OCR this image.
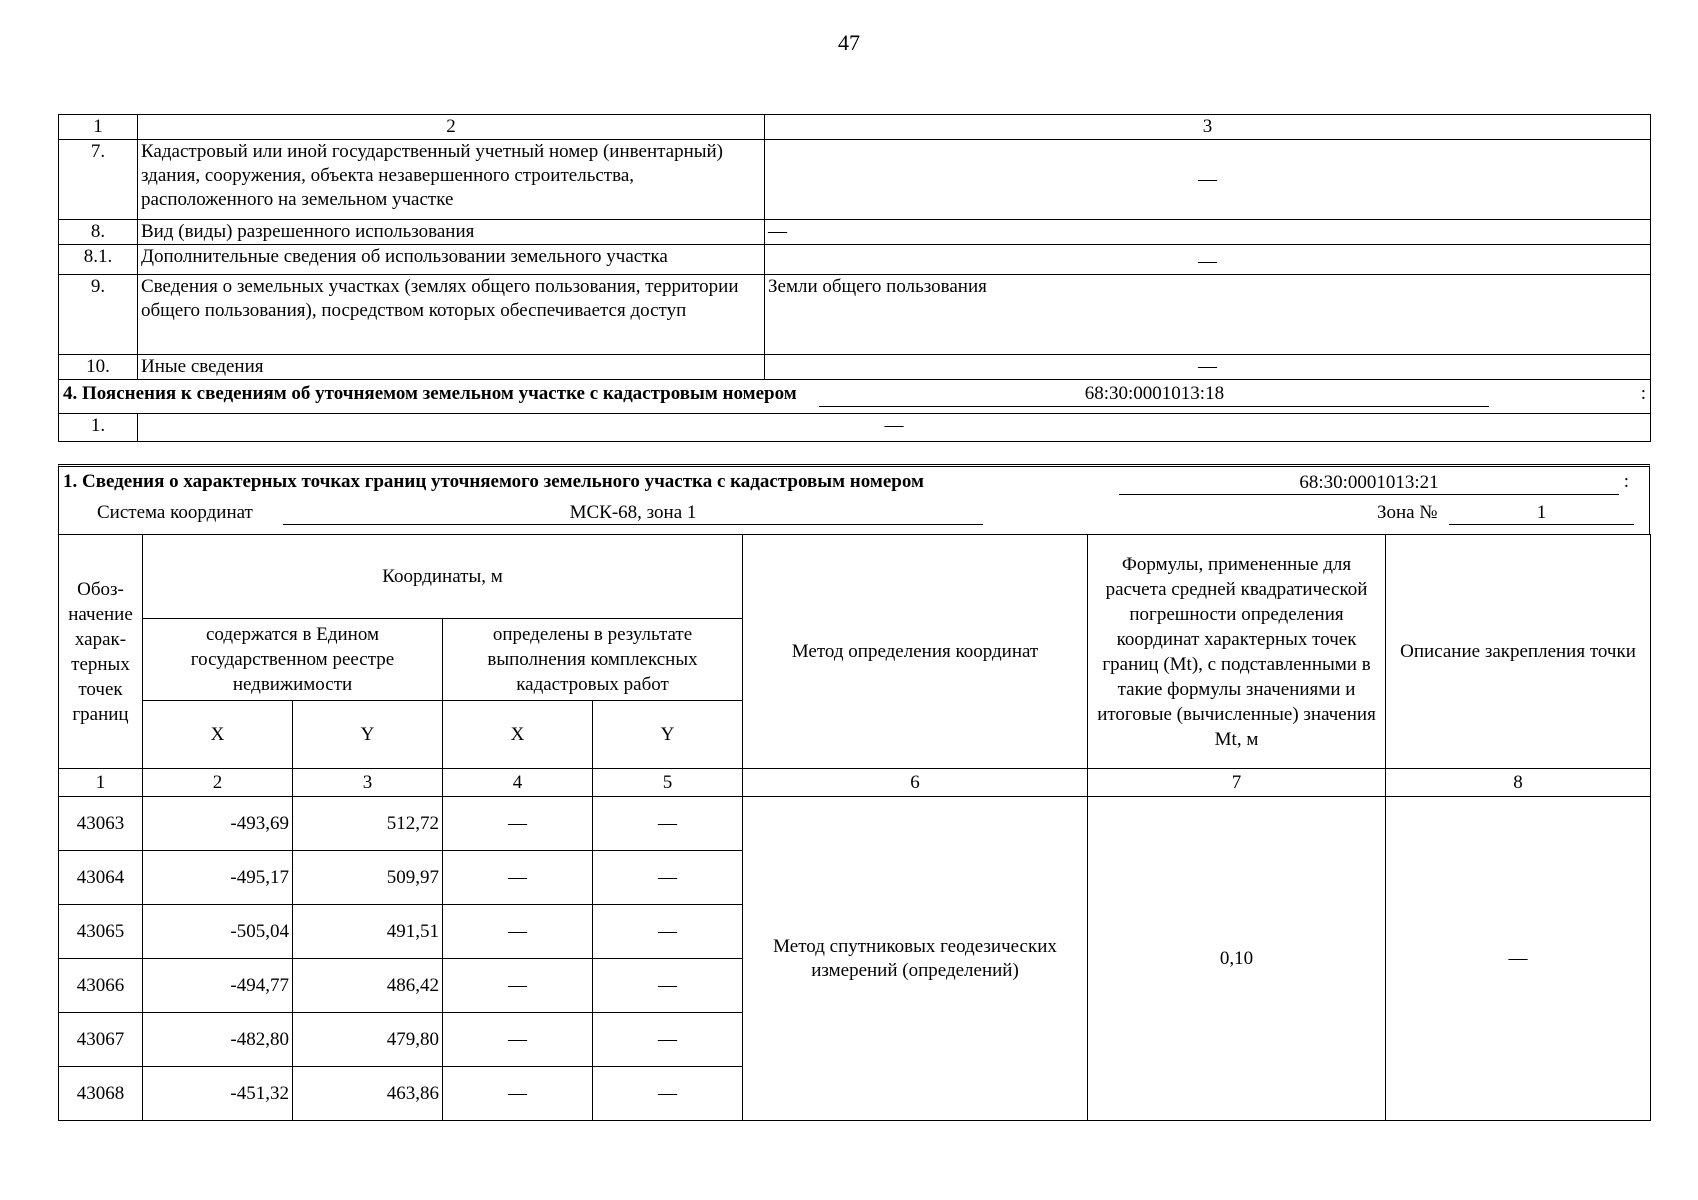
47
1	2	3
7.	Кадастровый или иной государственный учетный номер (инвентарный) здания, сооружения, объекта незавершенного строительства, расположенного на земельном участке	—
8.	Вид (виды) разрешенного использования	—
8.1.	Дополнительные сведения об использовании земельного участка	—
9.	Сведения о земельных участках (землях общего пользования, территории общего пользования), посредством которых обеспечивается доступ	Земли общего пользования
10.	Иные сведения	—
4. Пояснения к сведениям об уточняемом земельном участке с кадастровым номером 68:30:0001013:18 :		

1.	—	
1. Сведения о характерных точках границ уточняемого земельного участка с кадастровым номером	68:30:0001013:21	:
Система координат	МСК-68, зона 1	Зона №	1
Обоз-начение харак-терных точек границ	Координаты, м				Метод определения координат	Формулы, примененные для расчета средней квадратической погрешности определения координат характерных точек границ (Mt), с подставленными в такие формулы значениями и итоговые (вычисленные) значения Mt, м	Описание закрепления точки
	содержатся в Едином государственном реестре недвижимости		определены в результате выполнения комплексных кадастровых работ				
	X	Y	X	Y			
1	2	3	4	5	6	7	8
43063	-493,69	512,72	—	—	Метод спутниковых геодезических измерений (определений)	0,10	—
43064	-495,17	509,97	—	—			
43065	-505,04	491,51	—	—			
43066	-494,77	486,42	—	—			
43067	-482,80	479,80	—	—			
43068	-451,32	463,86	—	—			
